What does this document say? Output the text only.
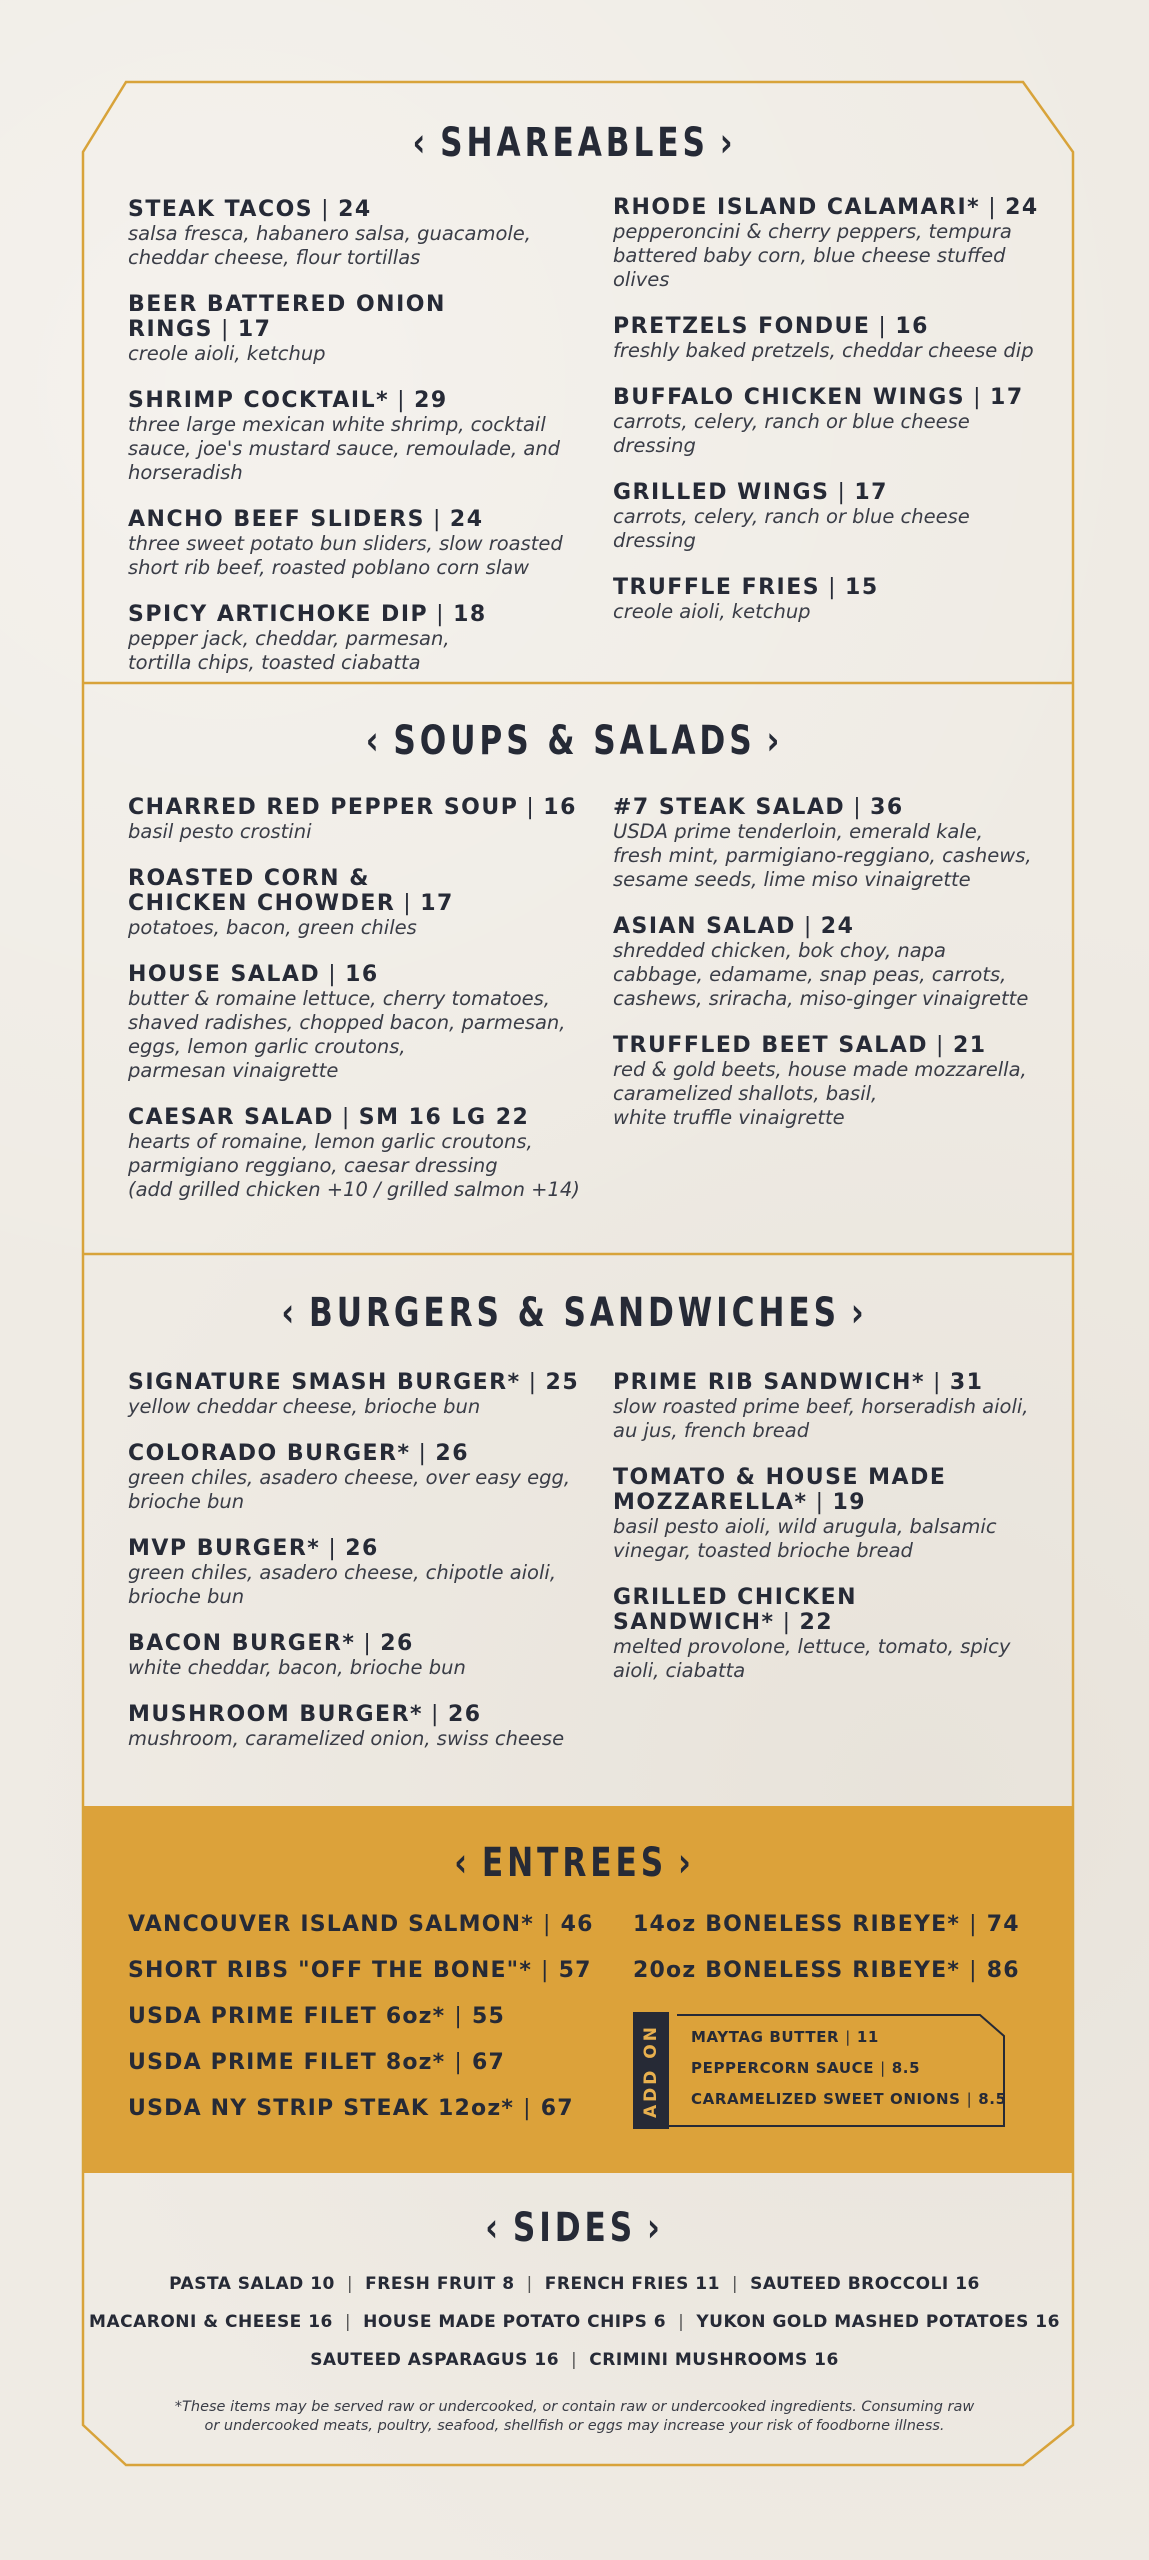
‹ SHAREABLES ›
‹ SOUPS & SALADS ›
‹ BURGERS & SANDWICHES ›
‹ ENTREES ›
‹ SIDES ›
STEAK TACOS | 24
salsa fresca, habanero salsa, guacamole,
cheddar cheese, flour tortillas
BEER BATTERED ONION RINGS | 17
creole aioli, ketchup
SHRIMP COCKTAIL* | 29
three large mexican white shrimp, cocktail
sauce, joe's mustard sauce, remoulade, and
horseradish
ANCHO BEEF SLIDERS | 24
three sweet potato bun sliders, slow roasted
short rib beef, roasted poblano corn slaw
SPICY ARTICHOKE DIP | 18
pepper jack, cheddar, parmesan,
tortilla chips, toasted ciabatta
RHODE ISLAND CALAMARI* | 24
pepperoncini & cherry peppers, tempura
battered baby corn, blue cheese stuffed
olives
PRETZELS FONDUE | 16
freshly baked pretzels, cheddar cheese dip
BUFFALO CHICKEN WINGS | 17
carrots, celery, ranch or blue cheese
dressing
GRILLED WINGS | 17
carrots, celery, ranch or blue cheese
dressing
TRUFFLE FRIES | 15
creole aioli, ketchup
CHARRED RED PEPPER SOUP | 16
basil pesto crostini
ROASTED CORN &
CHICKEN CHOWDER | 17
potatoes, bacon, green chiles
HOUSE SALAD | 16
butter & romaine lettuce, cherry tomatoes,
shaved radishes, chopped bacon, parmesan,
eggs, lemon garlic croutons,
parmesan vinaigrette
CAESAR SALAD | SM 16 LG 22
hearts of romaine, lemon garlic croutons,
parmigiano reggiano, caesar dressing
(add grilled chicken +10 / grilled salmon +14)
#7 STEAK SALAD | 36
USDA prime tenderloin, emerald kale,
fresh mint, parmigiano-reggiano, cashews,
sesame seeds, lime miso vinaigrette
ASIAN SALAD | 24
shredded chicken, bok choy, napa
cabbage, edamame, snap peas, carrots,
cashews, sriracha, miso-ginger vinaigrette
TRUFFLED BEET SALAD | 21
red & gold beets, house made mozzarella,
caramelized shallots, basil,
white truffle vinaigrette
SIGNATURE SMASH BURGER* | 25
yellow cheddar cheese, brioche bun
COLORADO BURGER* | 26
green chiles, asadero cheese, over easy egg,
brioche bun
MVP BURGER* | 26
green chiles, asadero cheese, chipotle aioli,
brioche bun
BACON BURGER* | 26
white cheddar, bacon, brioche bun
MUSHROOM BURGER* | 26
mushroom, caramelized onion, swiss cheese
PRIME RIB SANDWICH* | 31
slow roasted prime beef, horseradish aioli,
au jus, french bread
TOMATO & HOUSE MADE
MOZZARELLA* | 19
basil pesto aioli, wild arugula, balsamic
vinegar, toasted brioche bread
GRILLED CHICKEN
SANDWICH* | 22
melted provolone, lettuce, tomato, spicy
aioli, ciabatta
VANCOUVER ISLAND SALMON* | 46
SHORT RIBS "OFF THE BONE"* | 57
USDA PRIME FILET 6oz* | 55
USDA PRIME FILET 8oz* | 67
USDA NY STRIP STEAK 12oz* | 67
14oz BONELESS RIBEYE* | 74
20oz BONELESS RIBEYE* | 86
ADD ON MAYTAG BUTTER | 11
PEPPERCORN SAUCE | 8.5
CARAMELIZED SWEET ONIONS | 8.5
PASTA SALAD 10 | FRESH FRUIT 8 | FRENCH FRIES 11 | SAUTEED BROCCOLI 16
MACARONI & CHEESE 16 | HOUSE MADE POTATO CHIPS 6 | YUKON GOLD MASHED POTATOES 16
SAUTEED ASPARAGUS 16 | CRIMINI MUSHROOMS 16
*These items may be served raw or undercooked, or contain raw or undercooked ingredients. Consuming raw
or undercooked meats, poultry, seafood, shellfish or eggs may increase your risk of foodborne illness.
